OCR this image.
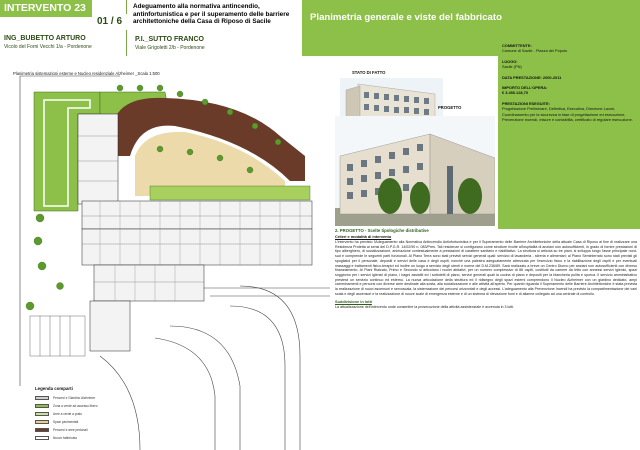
INTERVENTO 23
01 / 6
ING_BUBETTO ARTURO
Vicolo del Forni Vecchi 1/a - Pordenone
Adeguamento alla normativa antincendio,
antinfortunistica e per il superamento delle barriere
architettoniche della Casa di Riposo di Sacile
P.I._SUTTO FRANCO
Viale Grigoletti 2/b - Pordenone
Planimetria generale e viste del fabbricato
Planimetria sistemazioni esterne e Nucleo residenziale Alzheimer _Scala 1:500
Legenda comparti
Percorsi e Giardino Alzheimer
Zona a verde ad accesso libero
Aree a verde a prato
Spazi pavimentati
Percorsi e aree pedonali
Nuovo fabbricato
STATO DI FATTO
PROGETTO
COMMITTENTE:
Comune di Sacile - Piazza del Popolo
LUOGO:
Sacile (PN)
DATA PRESTAZIONE: 2000-2011
IMPORTO DELL'OPERA:
€ 3.456.128,79
PRESTAZIONI ESEGUITE:
Progettazione Preliminare, Definitiva, Esecutiva, Direzione Lavori, Coordinamento per la sicurezza in fase di progettazione ed esecuzione, Prevenzione incendi, misure e contabilità, certificato di regolare esecuzione.
2. PROGETTO - Scelte tipologiche distributive
Criteri e modalità di intervento
L'intervento ha previsto l'Adeguamento alla Normativa Antincendio Antinfortunistica e per il Superamento delle Barriere Architettoniche della attuale Casa di Riposo al fine di realizzare una Residenza Protetta ai sensi del D.P.G.R. 14/02/90 n. 083/Pres. Tali residenze si configurano come strutture rivolte all'ospitalità di anziani non autosufficienti, in grado di fornire prestazioni di tipo alberghiero, di socializzazione, animazione contestualmente a prestazioni di carattere sanitario e riabilitativo. La struttura si articola su tre piani, si sviluppa lungo l'asse principale nord-sud e comprende le seguenti parti funzionali. Al Piano Terra sono stati previsti servizi generali quali: servizio di lavanderia - stireria e alimentari; al Piano Seminterrato sono stati previsti gli spogliatoi per il personale, depositi e servizi delle casa e degli ospiti, nonché una palestra adeguatamente attrezzata per l'esercizio fisico e la riabilitazione degli ospiti e per eventuali massaggi e trattamenti fisico-terapici ed inoltre un luogo a servizio degli utenti e norme del D.M.236/89. Sarà realizzato a breve un Centro Diurno per anziani non autosufficienti con diverso finanziamento. Ai Piani Rialzato, Primo e Secondo si articolano i nuclei abitativi, per un numero complessivo di 86 ospiti, costituiti da camere da letto con annessi servizi igienici, spazi soggiorno per i servizi igienici di piano, i bagni assistiti ed i sottotetti di piano, servizi generali quali la cucina di piano e depositi per la biancheria pulita e sporca. Il servizio amministrativo presterà un servizio continuo ed esterno. La nuova articolazione della struttura ed il ridisegno degli spazi esterni comprendono il Nucleo Alzheimer con un giardino dedicato, ampi camminamenti e percorsi con diverse aree destinate alla sosta, alla socializzazione e alle attività all'aperto. Per quanto riguarda il Superamento delle Barriere Architettoniche è stata prevista la realizzazione di nuovi ascensori e servoscala, la sistemazione dei percorsi orizzontali e degli accessi. L'adeguamento alla Prevenzione Incendi ha previsto la compartimentazione dei vani scala e degli ascensori e la realizzazione di nuove scale di emergenza esterne e di un sistema di rilevazione fumi e di allarme collegato ad una centrale di controllo.
Suddivisione in lotti
La attualizzazione dell'intervento onde consentire la prosecuzione della attività assistenziale è avvenuta in 3 lotti.
